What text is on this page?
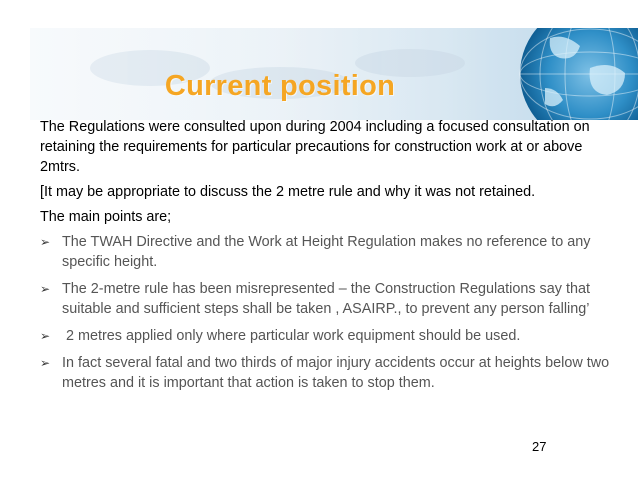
Current position

The Regulations were consulted upon during 2004 including a focused consultation on retaining the requirements for particular precautions for construction work at or above 2mtrs.

[It may be appropriate to discuss the 2 metre rule and why it was not retained.

The main points are;

➢ The TWAH Directive and the Work at Height Regulation makes no reference to any specific height.
➢ The 2-metre rule has been misrepresented – the Construction Regulations say that suitable and sufficient steps shall be taken , ASAIRP., to prevent any person falling’
➢ 2 metres applied only where particular work equipment should be used.
➢ In fact several fatal and two thirds of major injury accidents occur at heights below two metres and it is important that action is taken to stop them.
27
